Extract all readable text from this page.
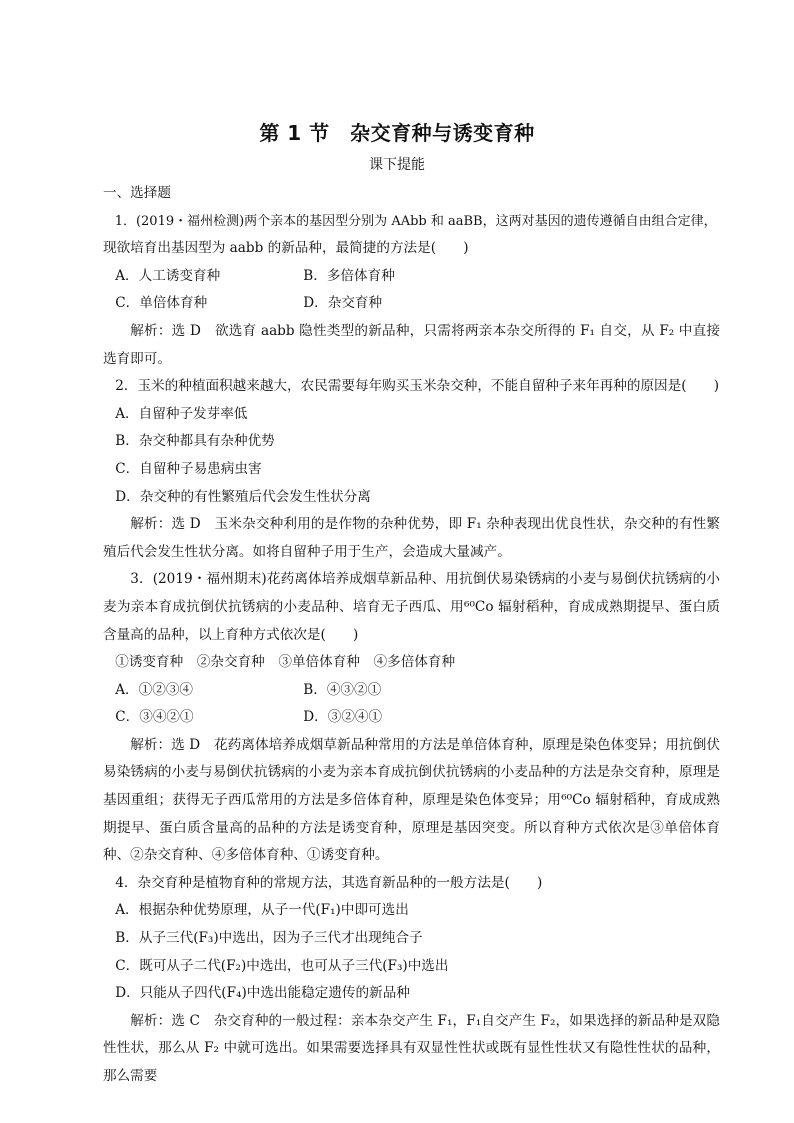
第 1 节　杂交育种与诱变育种
课下提能

一、选择题

1．(2019・福州检测)两个亲本的基因型分别为 AAbb 和 aaBB，这两对基因的遗传遵循自由组合定律，

现欲培育出基因型为 aabb 的新品种，最简捷的方法是(　　)

A．人工诱变育种	B．多倍体育种
C．单倍体育种	D．杂交育种

解析：选 D　欲选育 aabb 隐性类型的新品种，只需将两亲本杂交所得的 F₁ 自交，从 F₂ 中直接选育即可。

2．玉米的种植面积越来越大，农民需要每年购买玉米杂交种，不能自留种子来年再种的原因是(　　)

A．自留种子发芽率低

B．杂交种都具有杂种优势

C．自留种子易患病虫害

D．杂交种的有性繁殖后代会发生性状分离

解析：选 D　玉米杂交种利用的是作物的杂种优势，即 F₁ 杂种表现出优良性状，杂交种的有性繁殖后代会发生性状分离。如将自留种子用于生产，会造成大量减产。

3．(2019・福州期末)花药离体培养成烟草新品种、用抗倒伏易染锈病的小麦与易倒伏抗锈病的小麦为亲本育成抗倒伏抗锈病的小麦品种、培育无子西瓜、用⁶⁰Co 辐射稻种，育成成熟期提早、蛋白质含量高的品种，以上育种方式依次是(　　)

①诱变育种　②杂交育种　③单倍体育种　④多倍体育种

A．①②③④	B．④③②①
C．③④②①	D．③②④①

解析：选 D　花药离体培养成烟草新品种常用的方法是单倍体育种，原理是染色体变异；用抗倒伏易染锈病的小麦与易倒伏抗锈病的小麦为亲本育成抗倒伏抗锈病的小麦品种的方法是杂交育种，原理是基因重组；获得无子西瓜常用的方法是多倍体育种，原理是染色体变异；用⁶⁰Co 辐射稻种，育成成熟期提早、蛋白质含量高的品种的方法是诱变育种，原理是基因突变。所以育种方式依次是③单倍体育种、②杂交育种、④多倍体育种、①诱变育种。

4．杂交育种是植物育种的常规方法，其选育新品种的一般方法是(　　)

A．根据杂种优势原理，从子一代(F₁)中即可选出

B．从子三代(F₃)中选出，因为子三代才出现纯合子

C．既可从子二代(F₂)中选出，也可从子三代(F₃)中选出

D．只能从子四代(F₄)中选出能稳定遗传的新品种

解析：选 C　杂交育种的一般过程：亲本杂交产生 F₁，F₁自交产生 F₂，如果选择的新品种是双隐性性状，那么从 F₂ 中就可选出。如果需要选择具有双显性性状或既有显性性状又有隐性性状的品种，那么需要
